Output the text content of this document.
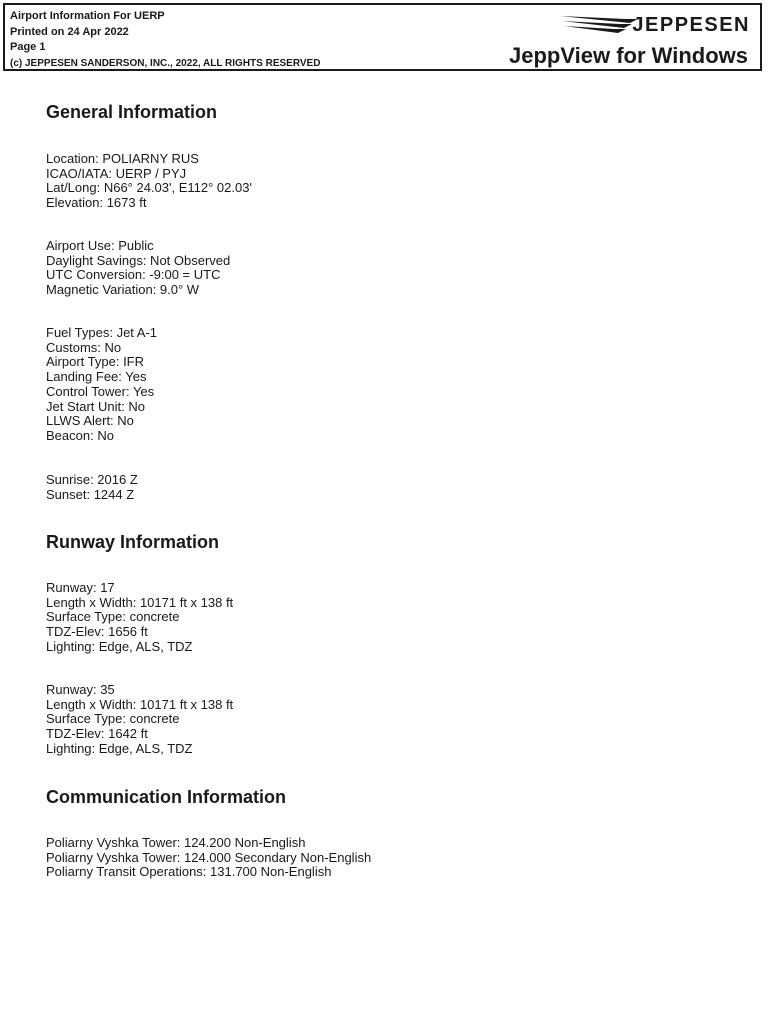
Airport Information For UERP
Printed on 24 Apr 2022
Page 1
(c) JEPPESEN SANDERSON, INC., 2022, ALL RIGHTS RESERVED
JEPPESEN
JeppView for Windows
General Information
Location: POLIARNY RUS
ICAO/IATA: UERP / PYJ
Lat/Long: N66° 24.03', E112° 02.03'
Elevation: 1673 ft
Airport Use: Public
Daylight Savings: Not Observed
UTC Conversion: -9:00 = UTC
Magnetic Variation: 9.0° W
Fuel Types: Jet A-1
Customs: No
Airport Type: IFR
Landing Fee: Yes
Control Tower: Yes
Jet Start Unit: No
LLWS Alert: No
Beacon: No
Sunrise: 2016 Z
Sunset: 1244 Z
Runway Information
Runway: 17
Length x Width: 10171 ft x 138 ft
Surface Type: concrete
TDZ-Elev: 1656 ft
Lighting: Edge, ALS, TDZ
Runway: 35
Length x Width: 10171 ft x 138 ft
Surface Type: concrete
TDZ-Elev: 1642 ft
Lighting: Edge, ALS, TDZ
Communication Information
Poliarny Vyshka Tower: 124.200 Non-English
Poliarny Vyshka Tower: 124.000 Secondary Non-English
Poliarny Transit Operations: 131.700 Non-English
